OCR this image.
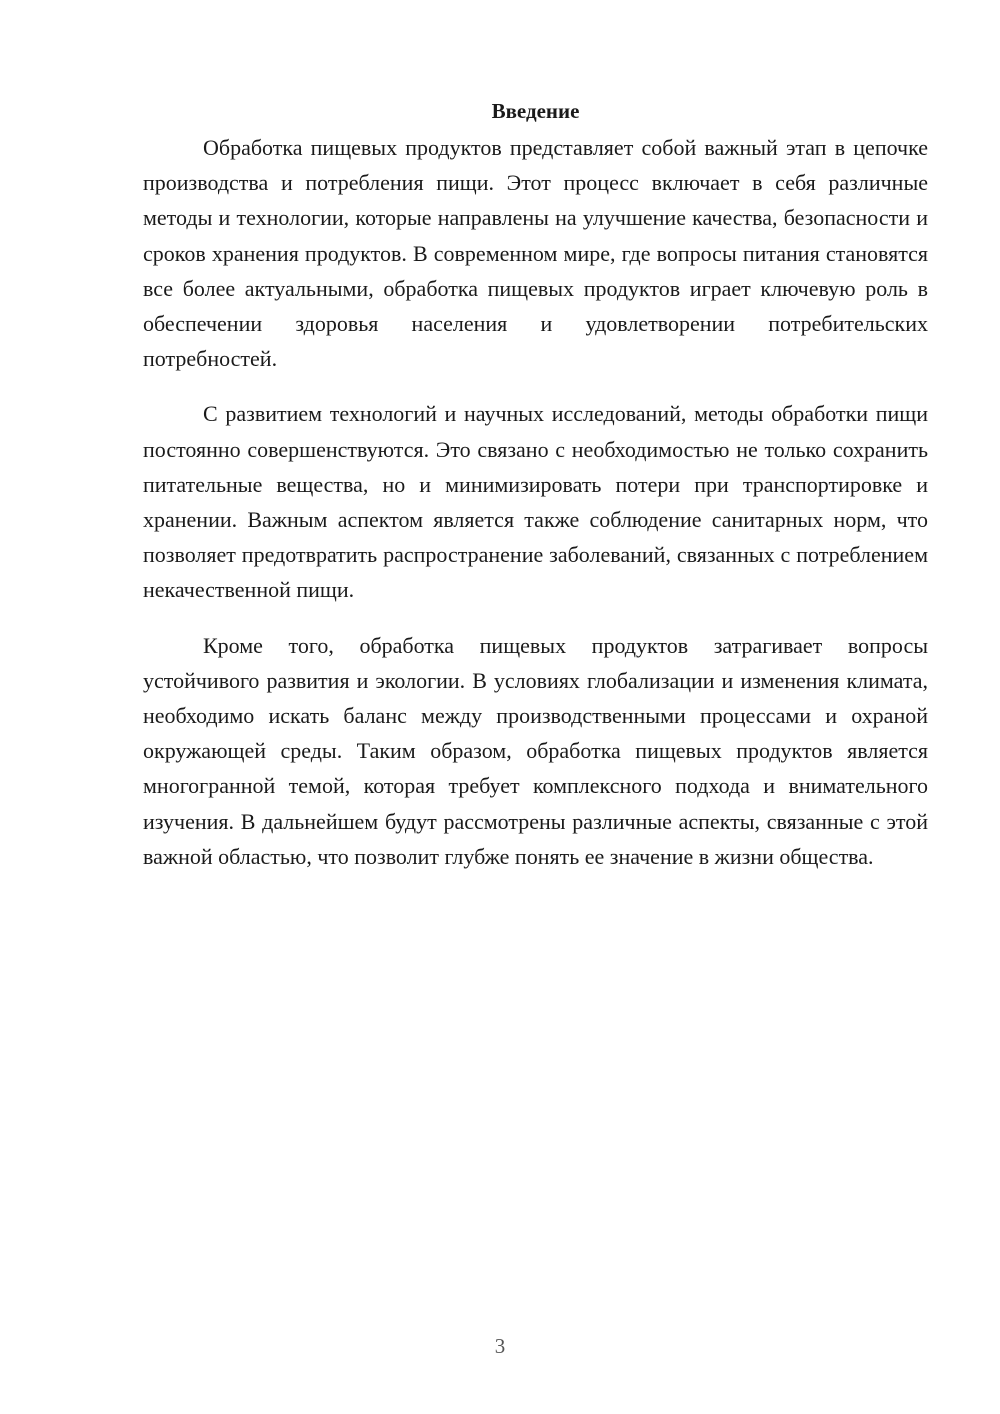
Введение

Обработка пищевых продуктов представляет собой важный этап в цепочке производства и потребления пищи. Этот процесс включает в себя различные методы и технологии, которые направлены на улучшение качества, безопасности и сроков хранения продуктов. В современном мире, где вопросы питания становятся все более актуальными, обработка пищевых продуктов играет ключевую роль в обеспечении здоровья населения и удовлетворении потребительских потребностей.

С развитием технологий и научных исследований, методы обработки пищи постоянно совершенствуются. Это связано с необходимостью не только сохранить питательные вещества, но и минимизировать потери при транспортировке и хранении. Важным аспектом является также соблюдение санитарных норм, что позволяет предотвратить распространение заболеваний, связанных с потреблением некачественной пищи.

Кроме того, обработка пищевых продуктов затрагивает вопросы устойчивого развития и экологии. В условиях глобализации и изменения климата, необходимо искать баланс между производственными процессами и охраной окружающей среды. Таким образом, обработка пищевых продуктов является многогранной темой, которая требует комплексного подхода и внимательного изучения. В дальнейшем будут рассмотрены различные аспекты, связанные с этой важной областью, что позволит глубже понять ее значение в жизни общества.

3
